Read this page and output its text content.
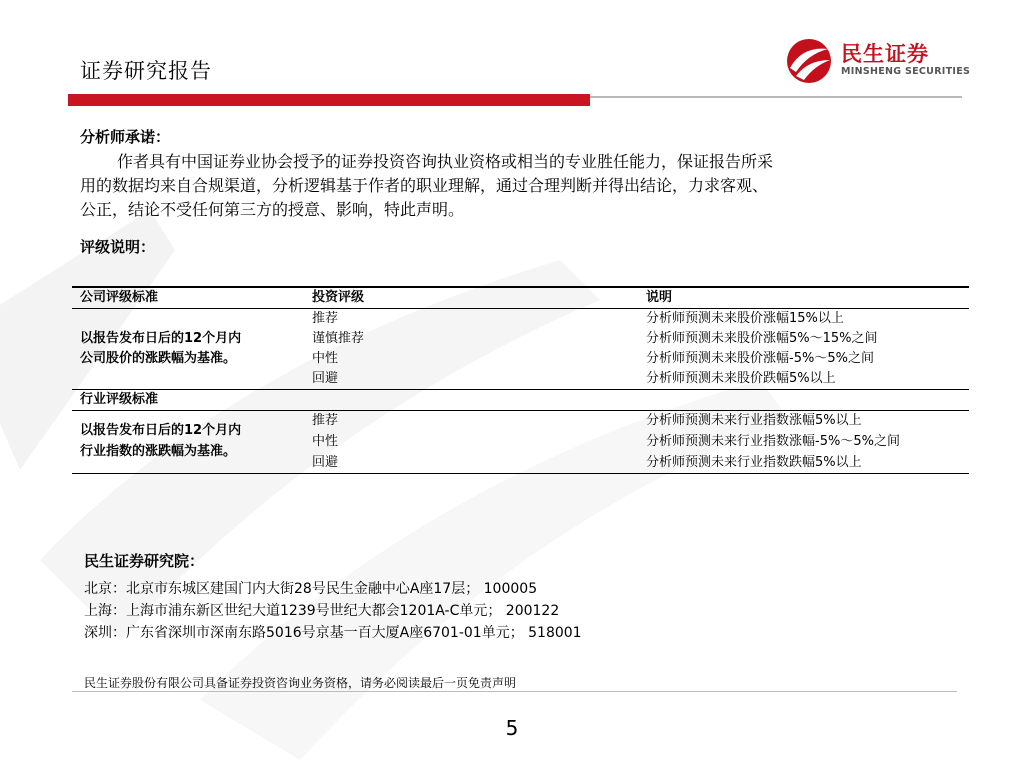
证券研究报告
民生证券
MINSHENG SECURITIES
分析师承诺：

作者具有中国证券业协会授予的证券投资咨询执业资格或相当的专业胜任能力，保证报告所采

用的数据均来自合规渠道，分析逻辑基于作者的职业理解，通过合理判断并得出结论，力求客观、

公正，结论不受任何第三方的授意、影响，特此声明。

评级说明：
公司评级标准	投资评级	说明
以报告发布日后的12个月内
公司股价的涨跌幅为基准。
推荐	分析师预测未来股价涨幅15%以上
谨慎推荐	分析师预测未来股价涨幅5%～15%之间
中性	分析师预测未来股价涨幅-5%～5%之间
回避	分析师预测未来股价跌幅5%以上
行业评级标准
以报告发布日后的12个月内
行业指数的涨跌幅为基准。
推荐	分析师预测未来行业指数涨幅5%以上
中性	分析师预测未来行业指数涨幅-5%～5%之间
回避	分析师预测未来行业指数跌幅5%以上
民生证券研究院：
北京：北京市东城区建国门内大街28号民生金融中心A座17层； 100005
上海：上海市浦东新区世纪大道1239号世纪大都会1201A-C单元； 200122
深圳：广东省深圳市深南东路5016号京基一百大厦A座6701-01单元； 518001
民生证券股份有限公司具备证券投资咨询业务资格，请务必阅读最后一页免责声明
5
